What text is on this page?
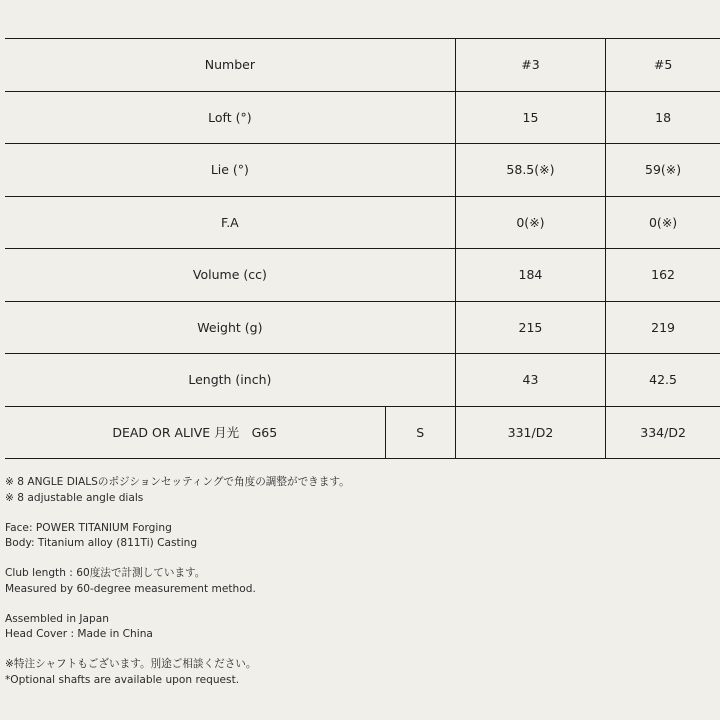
Number		#3	#5
Loft (°)		15	18
Lie (°)		58.5(※)	59(※)
F.A		0(※)	0(※)
Volume (cc)		184	162
Weight (g)		215	219
Length (inch)		43	42.5
DEAD OR ALIVE 月光　G65	S	331/D2	334/D2

※ 8 ANGLE DIALSのポジションセッティングで角度の調整ができます。

※ 8 adjustable angle dials

Face: POWER TITANIUM Forging

Body: Titanium alloy (811Ti) Casting

Club length : 60度法で計測しています。

Measured by 60-degree measurement method.

Assembled in Japan

Head Cover : Made in China

※特注シャフトもございます。別途ご相談ください。

*Optional shafts are available upon request.
